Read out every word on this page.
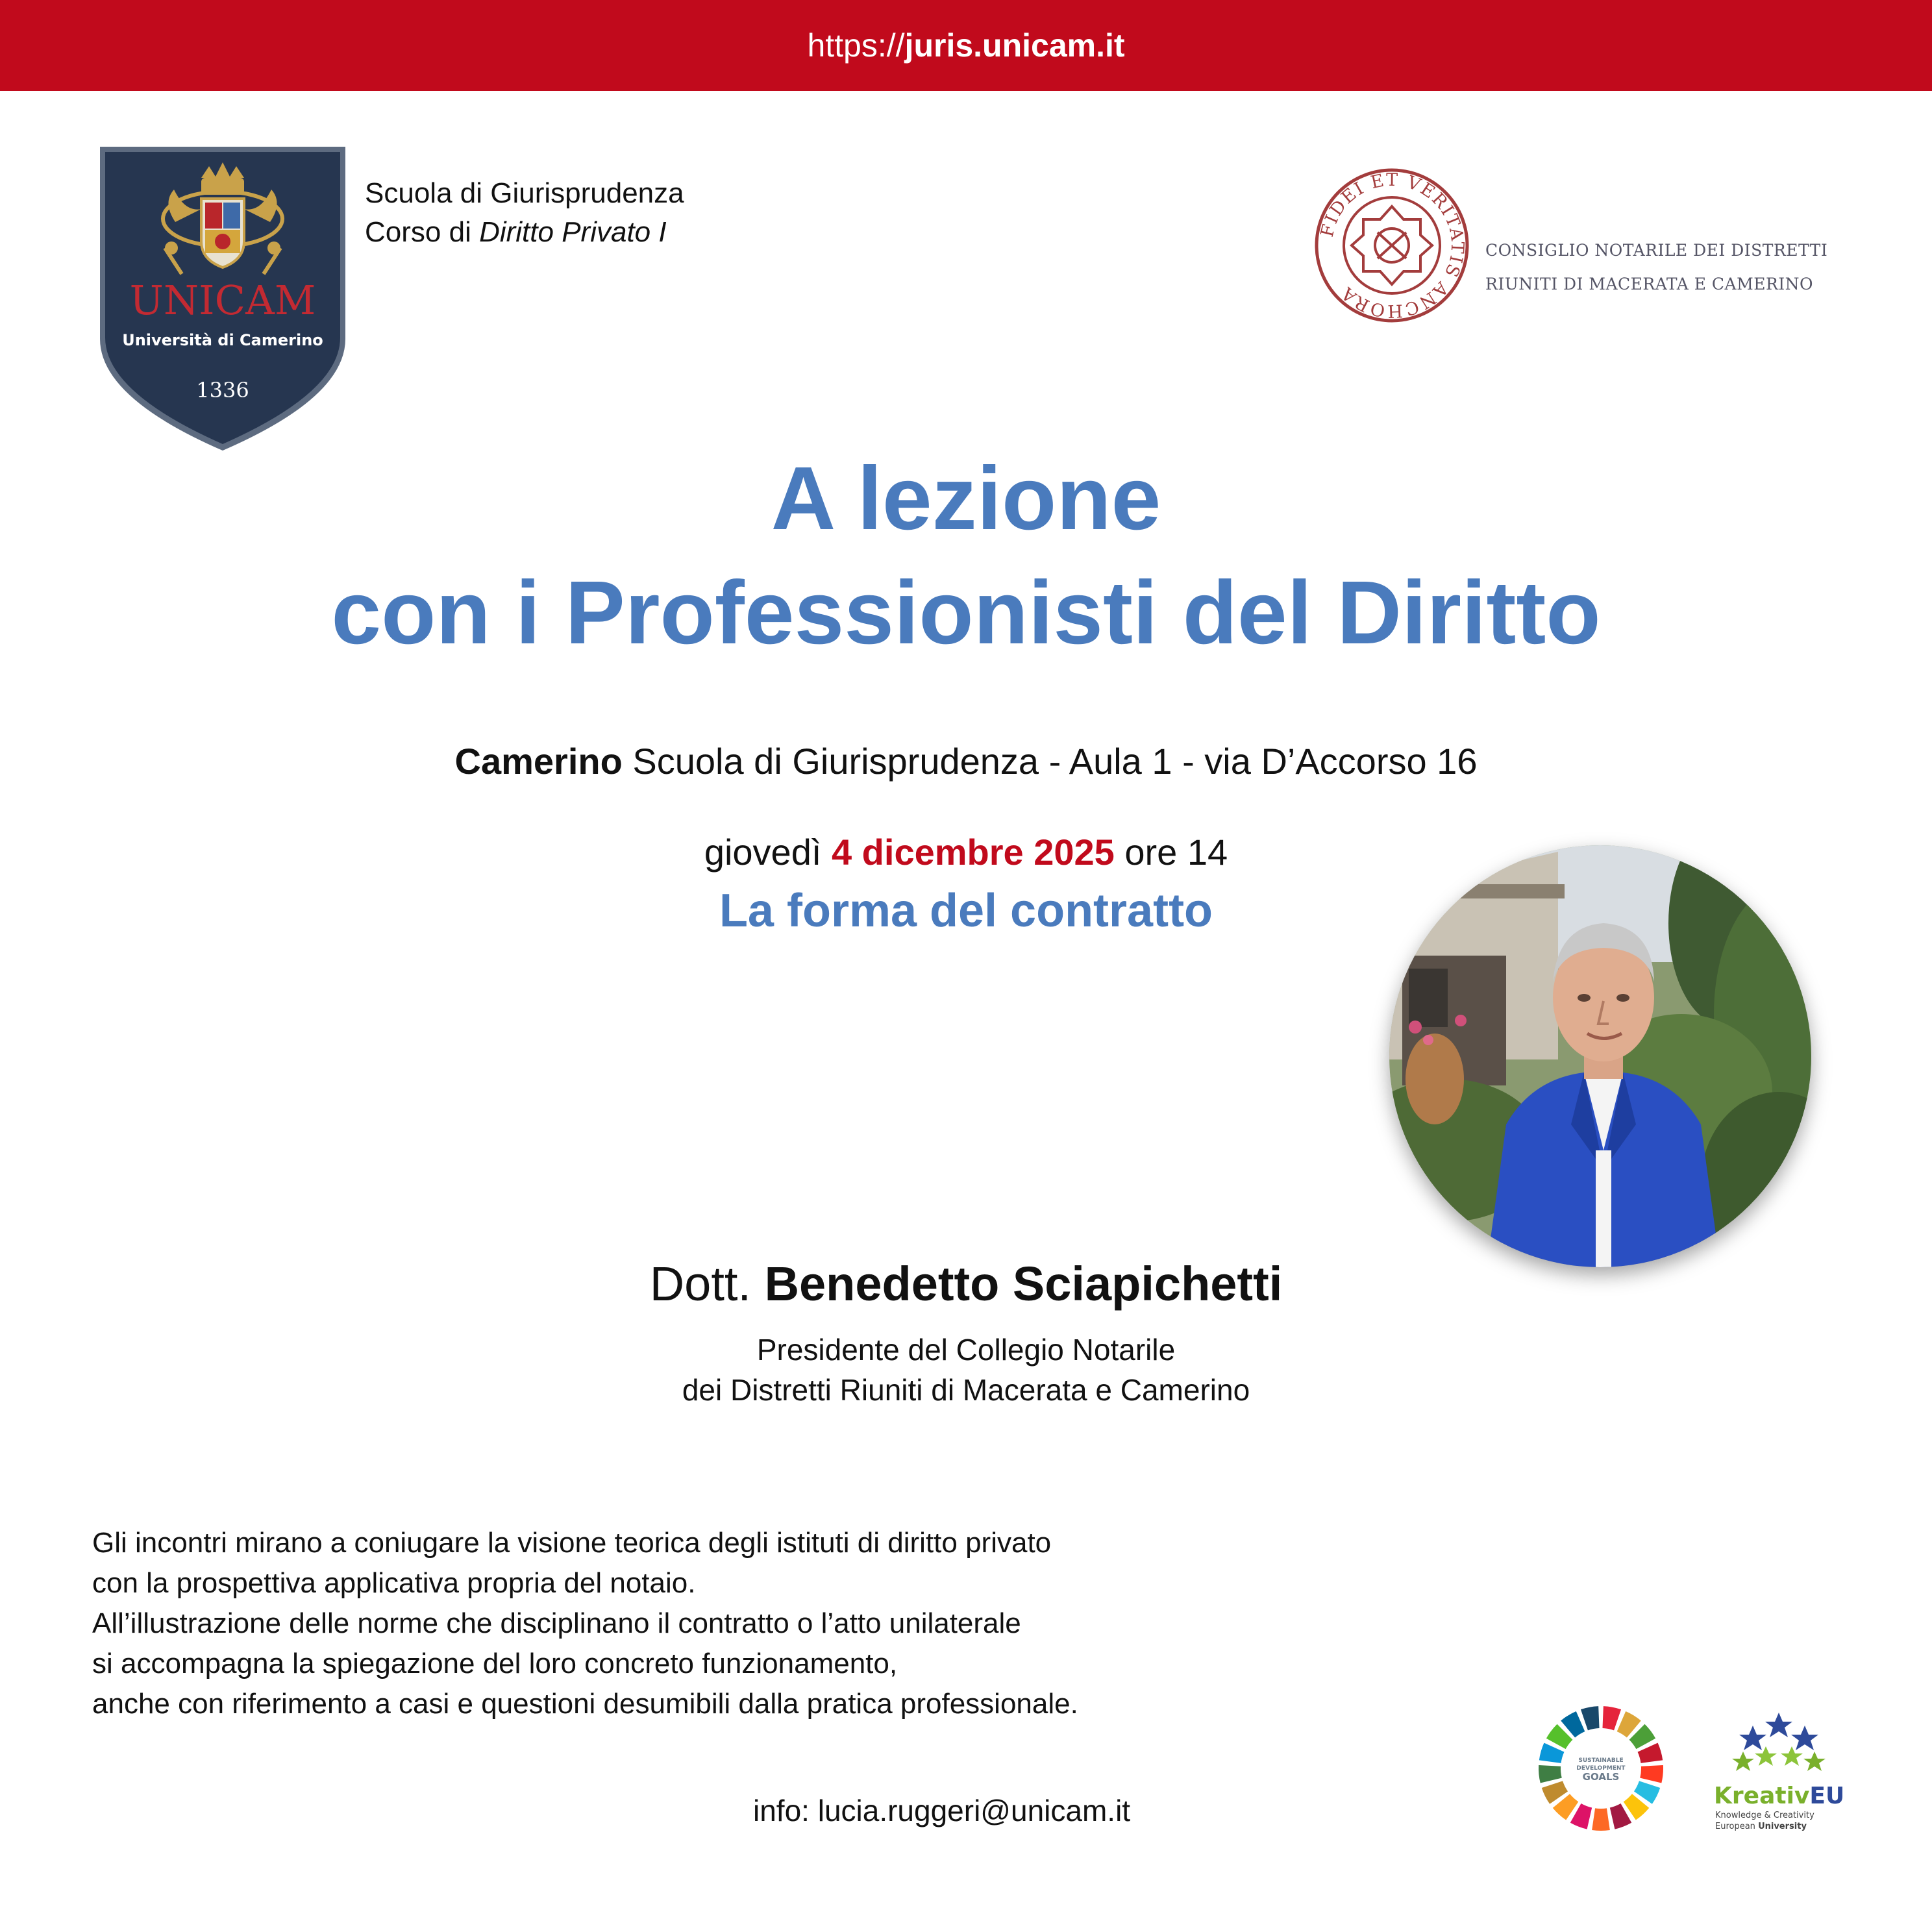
https://juris.unicam.it
UNICAM
Università di Camerino
1336
Scuola di Giurisprudenza
Corso di Diritto Privato I	FIDEI ET VERITATIS ANCHORA
CONSIGLIO NOTARILE DEI DISTRETTI
RIUNITI DI MACERATA E CAMERINO
A lezione
con i Professionisti del Diritto
Camerino Scuola di Giurisprudenza - Aula 1 - via D’Accorso 16
giovedì 4 dicembre 2025 ore 14
La forma del contratto
Dott. Benedetto Sciapichetti
Presidente del Collegio Notarile
dei Distretti Riuniti di Macerata e Camerino
Gli incontri mirano a coniugare la visione teorica degli istituti di diritto privato
con la prospettiva applicativa propria del notaio.
All’illustrazione delle norme che disciplinano il contratto o l’atto unilaterale
si accompagna la spiegazione del loro concreto funzionamento,
anche con riferimento a casi e questioni desumibili dalla pratica professionale.
info: lucia.ruggeri@unicam.it
SUSTAINABLE
DEVELOPMENT
GOALS
KreativEU
Knowledge & Creativity
European University
